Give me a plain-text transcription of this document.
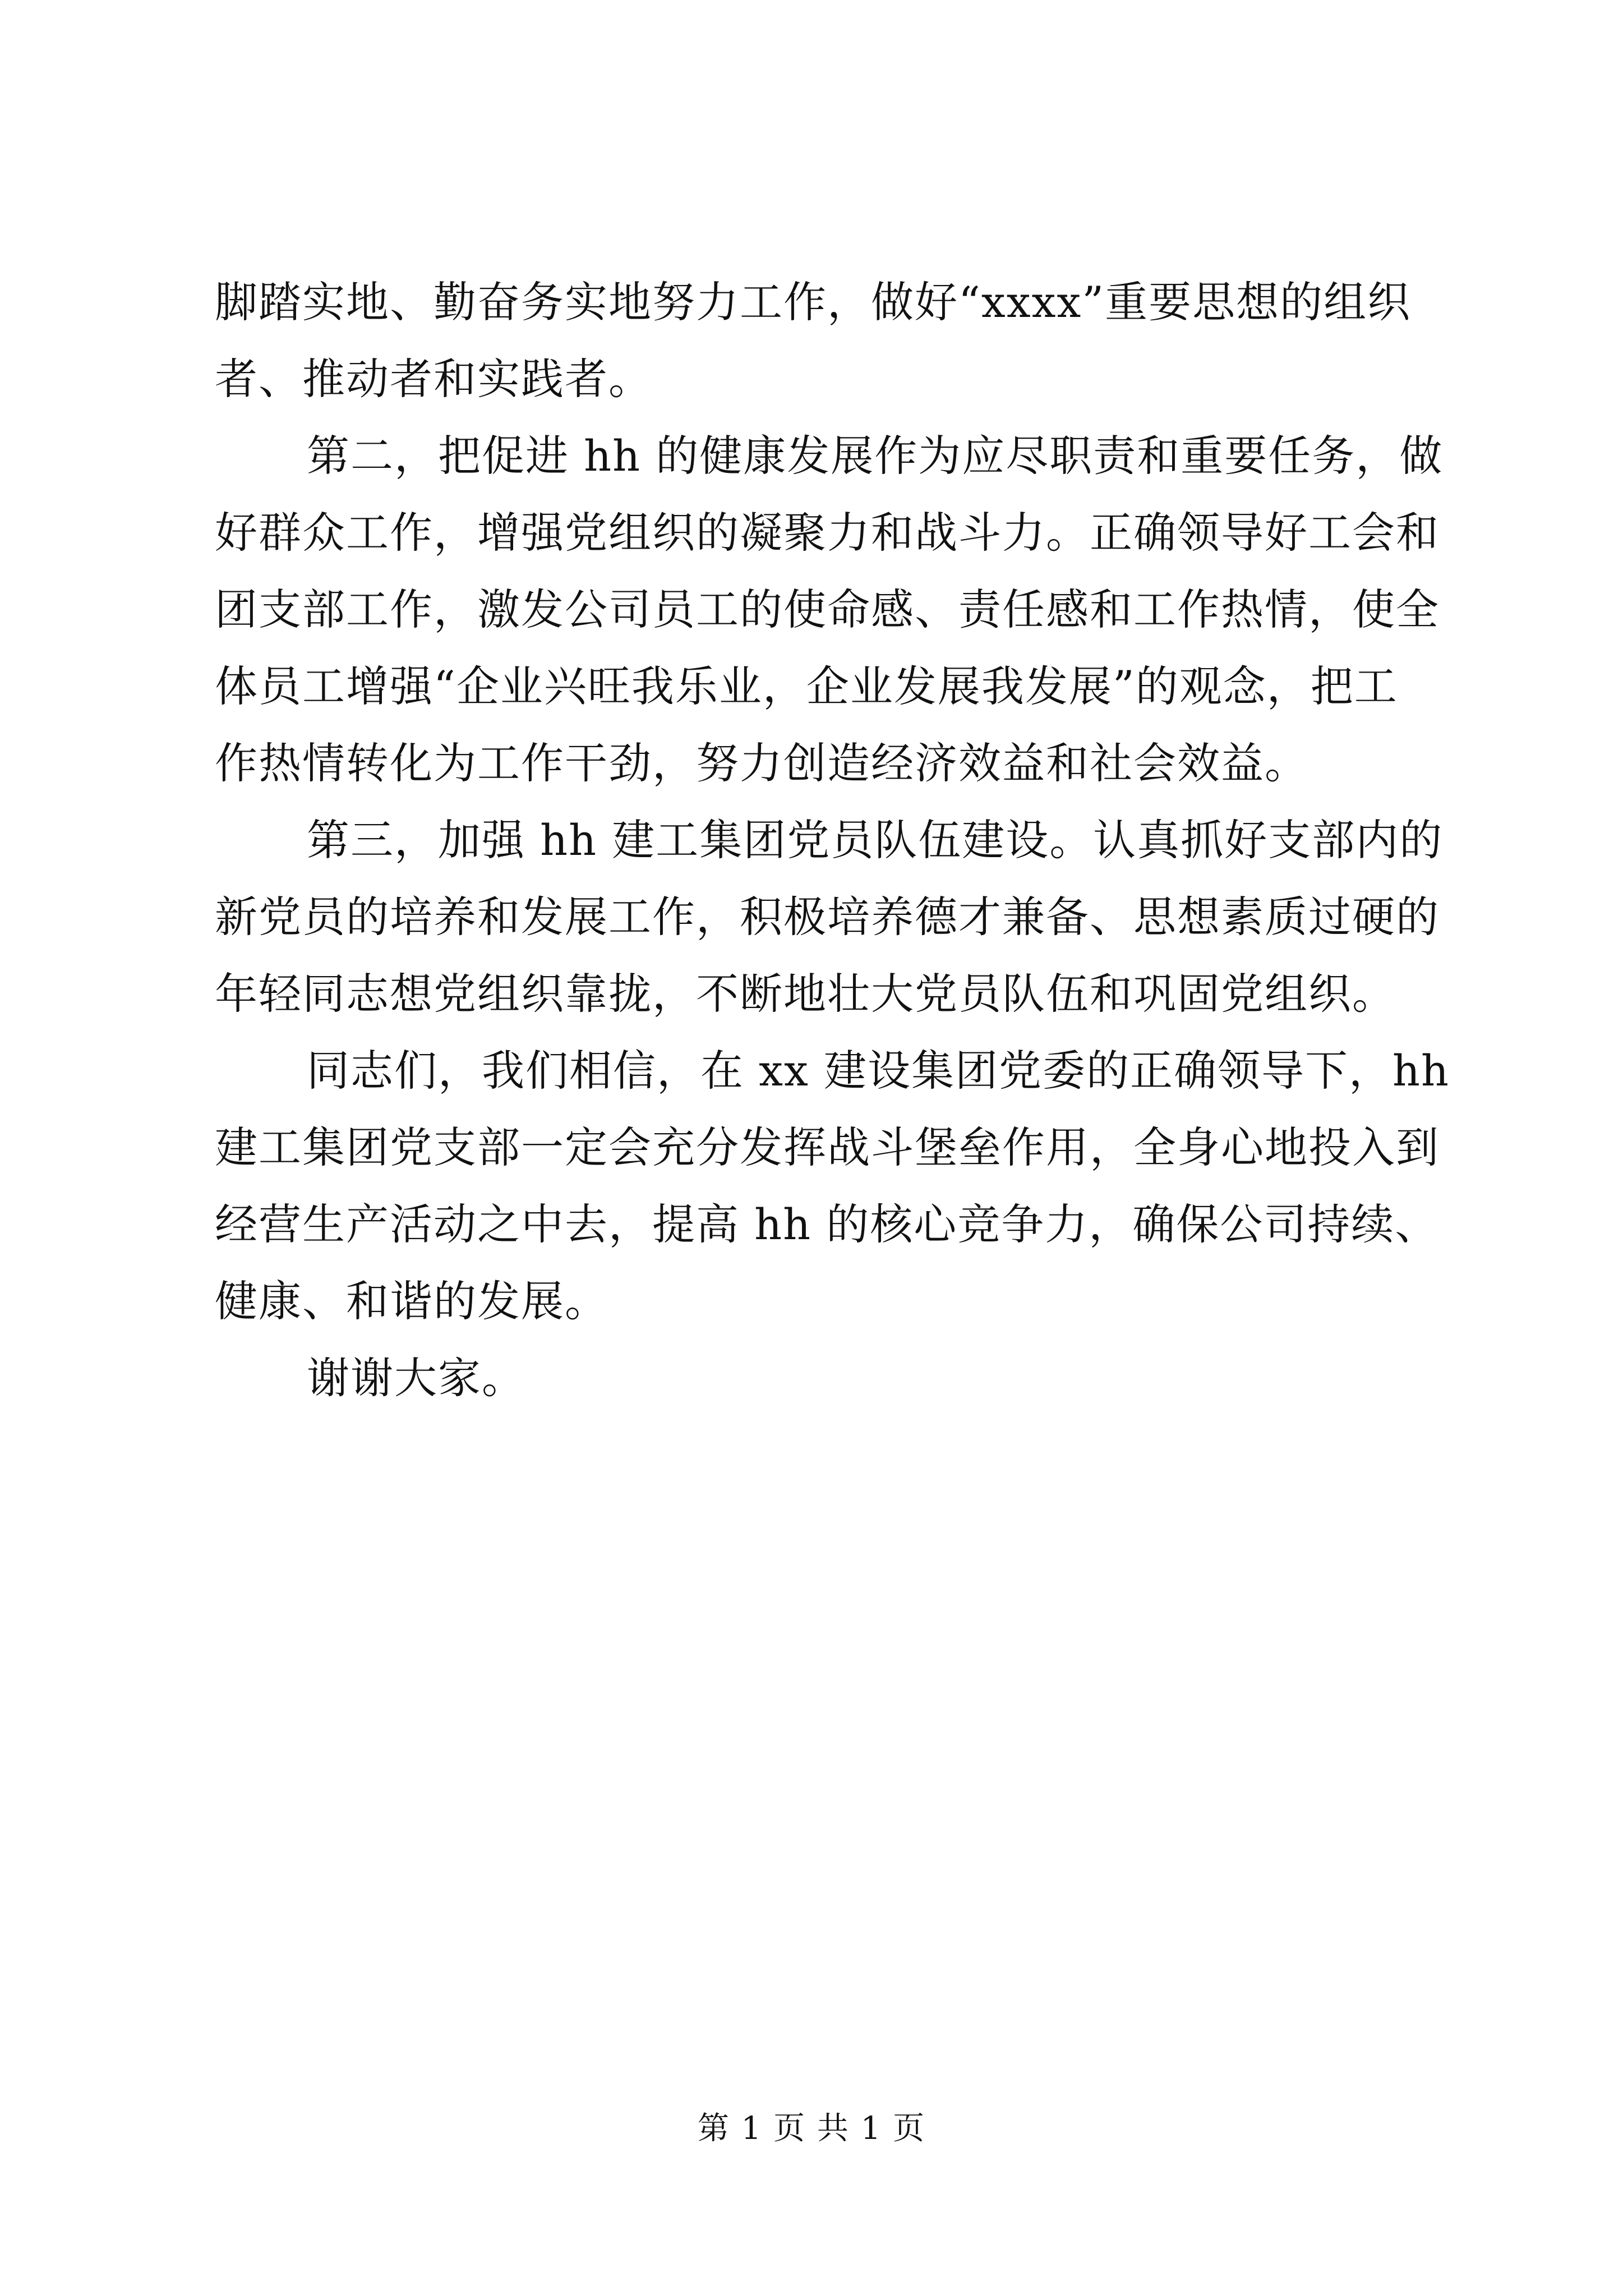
脚踏实地、勤奋务实地努力工作，做好“xxxx”重要思想的组织
者、推动者和实践者。
第二，把促进 hh 的健康发展作为应尽职责和重要任务，做
好群众工作，增强党组织的凝聚力和战斗力。正确领导好工会和
团支部工作，激发公司员工的使命感、责任感和工作热情，使全
体员工增强“企业兴旺我乐业，企业发展我发展”的观念，把工
作热情转化为工作干劲，努力创造经济效益和社会效益。
第三，加强 hh 建工集团党员队伍建设。认真抓好支部内的
新党员的培养和发展工作，积极培养德才兼备、思想素质过硬的
年轻同志想党组织靠拢，不断地壮大党员队伍和巩固党组织。
同志们，我们相信，在 xx 建设集团党委的正确领导下，hh
建工集团党支部一定会充分发挥战斗堡垒作用，全身心地投入到
经营生产活动之中去，提高 hh 的核心竞争力，确保公司持续、
健康、和谐的发展。
谢谢大家。
第 1 页 共 1 页
